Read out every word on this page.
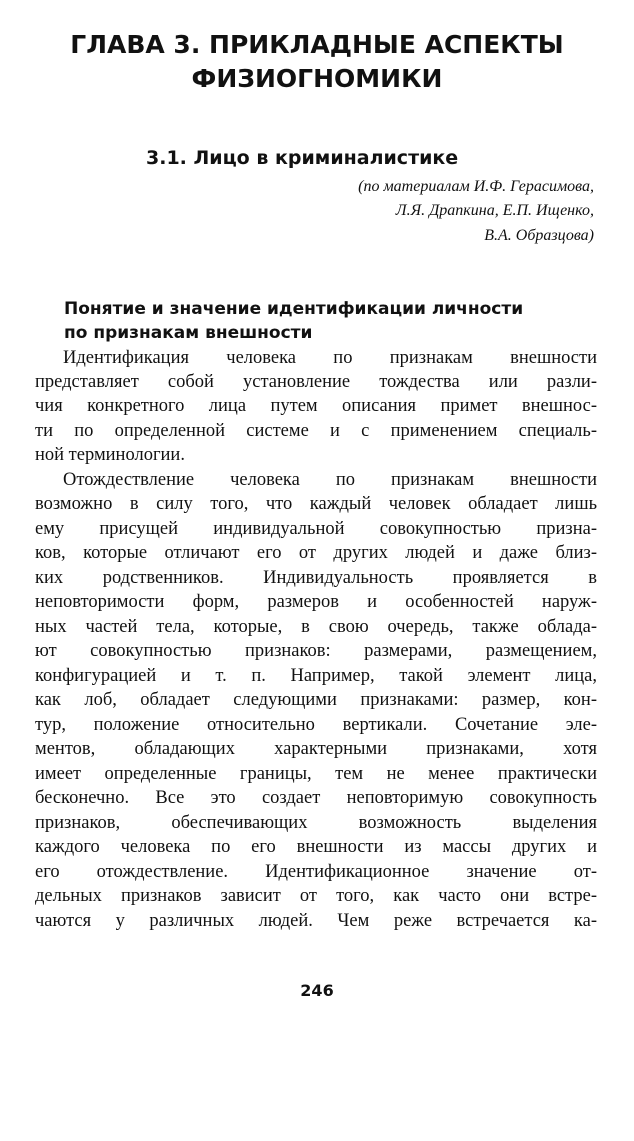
ГЛАВА 3. ПРИКЛАДНЫЕ АСПЕКТЫ
ФИЗИОГНОМИКИ
3.1. Лицо в криминалистике
(по материалам И.Ф. Герасимова,
Л.Я. Драпкина, Е.П. Ищенко,
В.А. Образцова)
Понятие и значение идентификации личности
по признакам внешности
Идентификация человека по признакам внешности
представляет собой установление тождества или разли-
чия конкретного лица путем описания примет внешнос-
ти по определенной системе и с применением специаль-
ной терминологии.
Отождествление человека по признакам внешности
возможно в силу того, что каждый человек обладает лишь
ему присущей индивидуальной совокупностью призна-
ков, которые отличают его от других людей и даже близ-
ких родственников. Индивидуальность проявляется в
неповторимости форм, размеров и особенностей наруж-
ных частей тела, которые, в свою очередь, также облада-
ют совокупностью признаков: размерами, размещением,
конфигурацией и т. п. Например, такой элемент лица,
как лоб, обладает следующими признаками: размер, кон-
тур, положение относительно вертикали. Сочетание эле-
ментов, обладающих характерными признаками, хотя
имеет определенные границы, тем не менее практически
бесконечно. Все это создает неповторимую совокупность
признаков, обеспечивающих возможность выделения
каждого человека по его внешности из массы других и
его отождествление. Идентификационное значение от-
дельных признаков зависит от того, как часто они встре-
чаются у различных людей. Чем реже встречается ка-
246
